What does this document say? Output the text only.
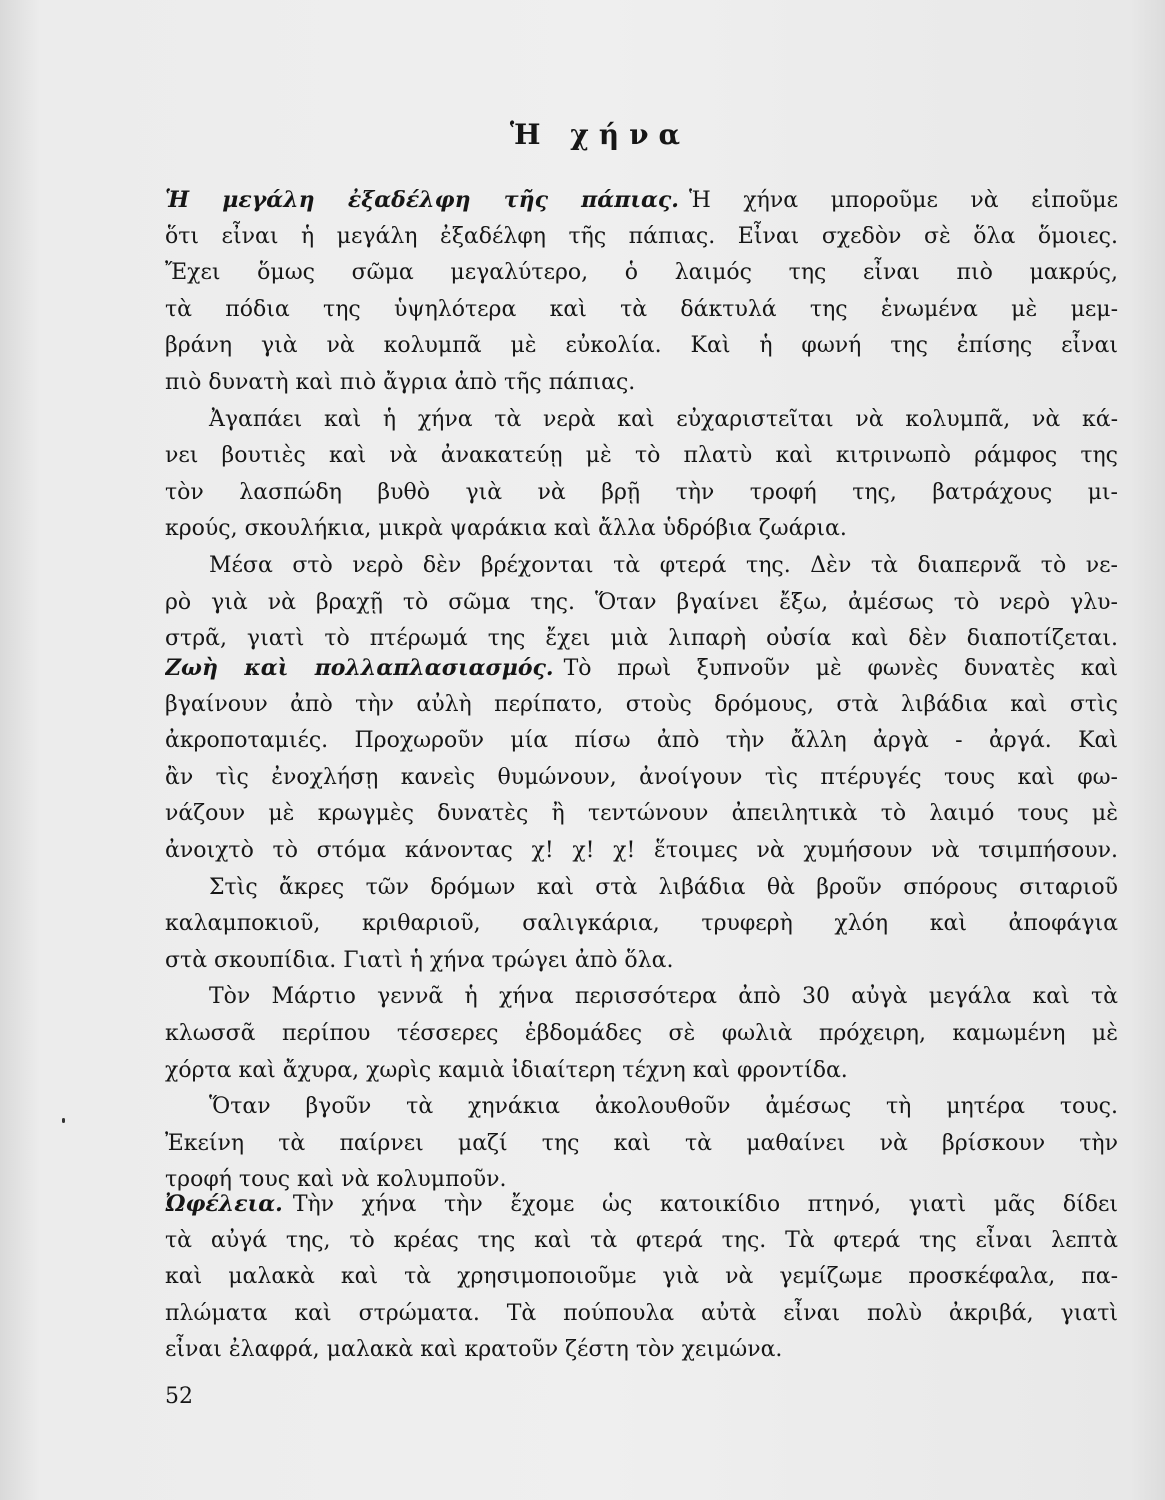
Ἡ χήνα
Ἡ μεγάλη ἐξαδέλφη τῆς πάπιας. Ἡ χήνα μποροῦμε νὰ εἰποῦμε
ὅτι εἶναι ἡ μεγάλη ἐξαδέλφη τῆς πάπιας. Εἶναι σχεδὸν σὲ ὅλα ὅμοιες.
Ἔχει ὅμως σῶμα μεγαλύτερο, ὁ λαιμός της εἶναι πιὸ μακρύς,
τὰ πόδια της ὑψηλότερα καὶ τὰ δάκτυλά της ἑνωμένα μὲ μεμ-
βράνη γιὰ νὰ κολυμπᾶ μὲ εὐκολία. Καὶ ἡ φωνή της ἐπίσης εἶναι
πιὸ δυνατὴ καὶ πιὸ ἄγρια ἀπὸ τῆς πάπιας.
Ἀγαπάει καὶ ἡ χήνα τὰ νερὰ καὶ εὐχαριστεῖται νὰ κολυμπᾶ, νὰ κά-
νει βουτιὲς καὶ νὰ ἀνακατεύῃ μὲ τὸ πλατὺ καὶ κιτρινωπὸ ράμφος της
τὸν λασπώδη βυθὸ γιὰ νὰ βρῇ τὴν τροφή της, βατράχους μι-
κρούς, σκουλήκια, μικρὰ ψαράκια καὶ ἄλλα ὑδρόβια ζωάρια.
Μέσα στὸ νερὸ δὲν βρέχονται τὰ φτερά της. Δὲν τὰ διαπερνᾶ τὸ νε-
ρὸ γιὰ νὰ βραχῇ τὸ σῶμα της. Ὅταν βγαίνει ἔξω, ἀμέσως τὸ νερὸ γλυ-
στρᾶ, γιατὶ τὸ πτέρωμά της ἔχει μιὰ λιπαρὴ οὐσία καὶ δὲν διαποτίζεται.
Ζωὴ καὶ πολλαπλασιασμός. Τὸ πρωὶ ξυπνοῦν μὲ φωνὲς δυνατὲς καὶ
βγαίνουν ἀπὸ τὴν αὐλὴ περίπατο, στοὺς δρόμους, στὰ λιβάδια καὶ στὶς
ἀκροποταμιές. Προχωροῦν μία πίσω ἀπὸ τὴν ἄλλη ἀργὰ - ἀργά. Καὶ
ἂν τὶς ἐνοχλήσῃ κανεὶς θυμώνουν, ἀνοίγουν τὶς πτέρυγές τους καὶ φω-
νάζουν μὲ κρωγμὲς δυνατὲς ἢ τεντώνουν ἀπειλητικὰ τὸ λαιμό τους μὲ
ἀνοιχτὸ τὸ στόμα κάνοντας χ! χ! χ! ἕτοιμες νὰ χυμήσουν νὰ τσιμπήσουν.
Στὶς ἄκρες τῶν δρόμων καὶ στὰ λιβάδια θὰ βροῦν σπόρους σιταριοῦ
καλαμποκιοῦ, κριθαριοῦ, σαλιγκάρια, τρυφερὴ χλόη καὶ ἀποφάγια
στὰ σκουπίδια. Γιατὶ ἡ χήνα τρώγει ἀπὸ ὅλα.
Τὸν Μάρτιο γεννᾶ ἡ χήνα περισσότερα ἀπὸ 30 αὐγὰ μεγάλα καὶ τὰ
κλωσσᾶ περίπου τέσσερες ἑβδομάδες σὲ φωλιὰ πρόχειρη, καμωμένη μὲ
χόρτα καὶ ἄχυρα, χωρὶς καμιὰ ἰδιαίτερη τέχνη καὶ φροντίδα.
Ὅταν βγοῦν τὰ χηνάκια ἀκολουθοῦν ἀμέσως τὴ μητέρα τους.
Ἐκείνη τὰ παίρνει μαζί της καὶ τὰ μαθαίνει νὰ βρίσκουν τὴν
τροφή τους καὶ νὰ κολυμποῦν.
Ὠφέλεια. Τὴν χήνα τὴν ἔχομε ὡς κατοικίδιο πτηνό, γιατὶ μᾶς δίδει
τὰ αὐγά της, τὸ κρέας της καὶ τὰ φτερά της. Τὰ φτερά της εἶναι λεπτὰ
καὶ μαλακὰ καὶ τὰ χρησιμοποιοῦμε γιὰ νὰ γεμίζωμε προσκέφαλα, πα-
πλώματα καὶ στρώματα. Τὰ πούπουλα αὐτὰ εἶναι πολὺ ἀκριβά, γιατὶ
εἶναι ἐλαφρά, μαλακὰ καὶ κρατοῦν ζέστη τὸν χειμώνα.

52
